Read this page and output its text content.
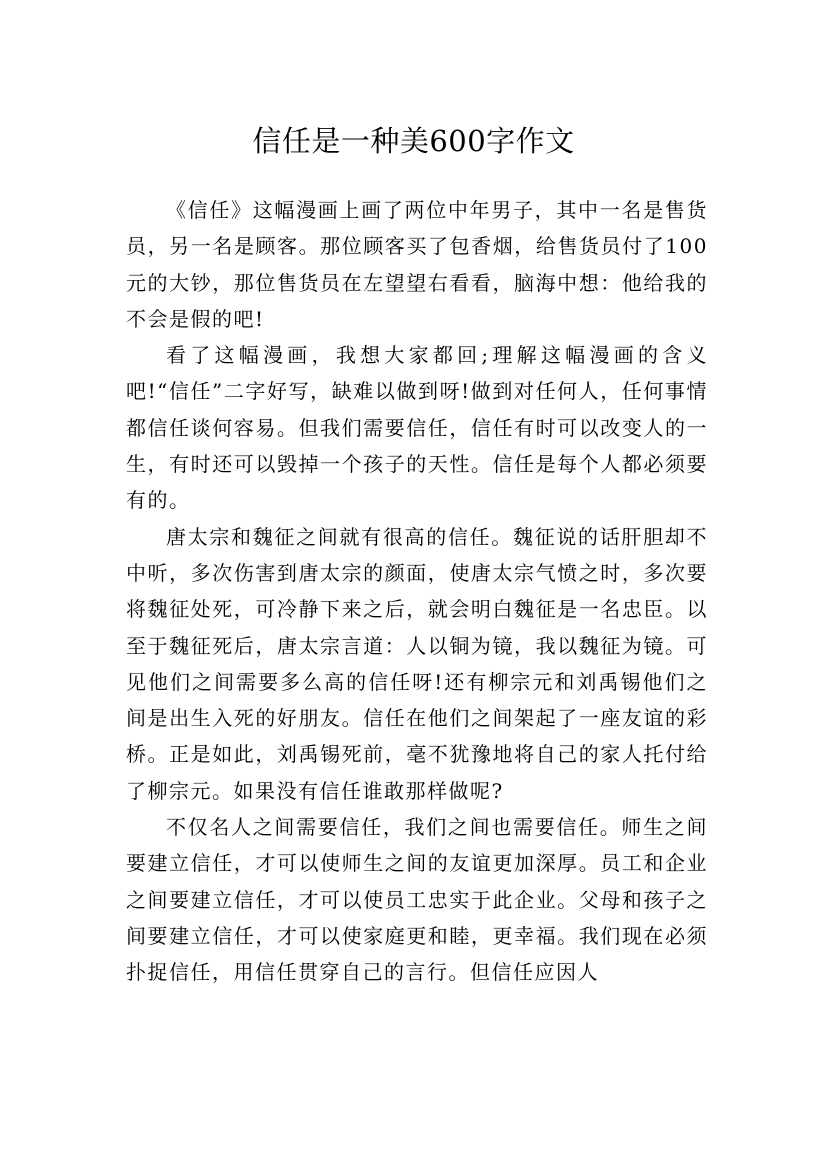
信任是一种美600字作文

《信任》这幅漫画上画了两位中年男子，其中一名是售货员，另一名是顾客。那位顾客买了包香烟，给售货员付了100元的大钞，那位售货员在左望望右看看，脑海中想：他给我的不会是假的吧!

看了这幅漫画，我想大家都回;理解这幅漫画的含义吧!“信任”二字好写，缺难以做到呀!做到对任何人，任何事情都信任谈何容易。但我们需要信任，信任有时可以改变人的一生，有时还可以毁掉一个孩子的天性。信任是每个人都必须要有的。

唐太宗和魏征之间就有很高的信任。魏征说的话肝胆却不中听，多次伤害到唐太宗的颜面，使唐太宗气愤之时，多次要将魏征处死，可冷静下来之后，就会明白魏征是一名忠臣。以至于魏征死后，唐太宗言道：人以铜为镜，我以魏征为镜。可见他们之间需要多么高的信任呀!还有柳宗元和刘禹锡他们之间是出生入死的好朋友。信任在他们之间架起了一座友谊的彩桥。正是如此，刘禹锡死前，毫不犹豫地将自己的家人托付给了柳宗元。如果没有信任谁敢那样做呢?

不仅名人之间需要信任，我们之间也需要信任。师生之间要建立信任，才可以使师生之间的友谊更加深厚。员工和企业之间要建立信任，才可以使员工忠实于此企业。父母和孩子之间要建立信任，才可以使家庭更和睦，更幸福。我们现在必须扑捉信任，用信任贯穿自己的言行。但信任应因人
